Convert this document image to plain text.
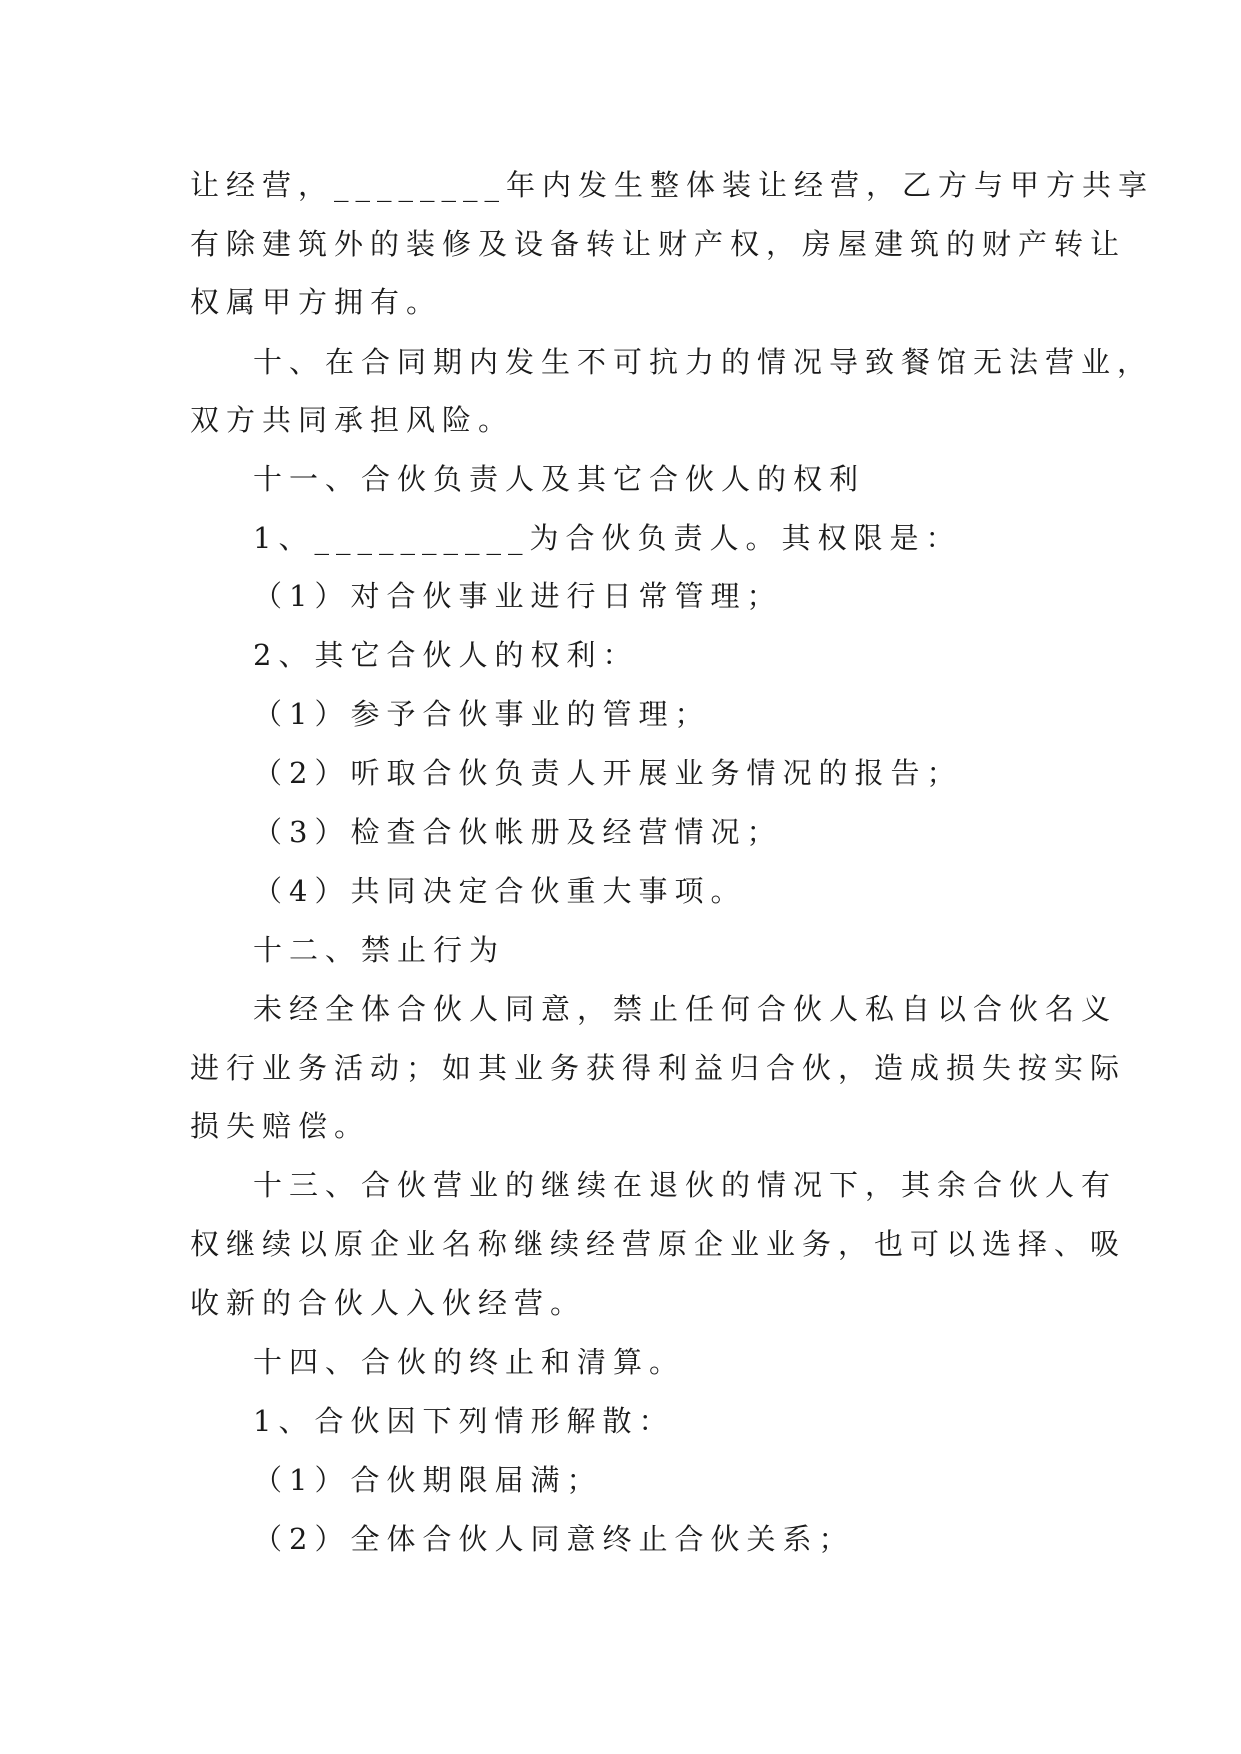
让经营，________年内发生整体装让经营，乙方与甲方共享
有除建筑外的装修及设备转让财产权，房屋建筑的财产转让
权属甲方拥有。
十、在合同期内发生不可抗力的情况导致餐馆无法营业，
双方共同承担风险。
十一、合伙负责人及其它合伙人的权利
1、__________为合伙负责人。其权限是：
（1）对合伙事业进行日常管理；
2、其它合伙人的权利：
（1）参予合伙事业的管理；
（2）听取合伙负责人开展业务情况的报告；
（3）检查合伙帐册及经营情况；
（4）共同决定合伙重大事项。
十二、禁止行为
未经全体合伙人同意，禁止任何合伙人私自以合伙名义
进行业务活动；如其业务获得利益归合伙，造成损失按实际
损失赔偿。
十三、合伙营业的继续在退伙的情况下，其余合伙人有
权继续以原企业名称继续经营原企业业务，也可以选择、吸
收新的合伙人入伙经营。
十四、合伙的终止和清算。
1、合伙因下列情形解散：
（1）合伙期限届满；
（2）全体合伙人同意终止合伙关系；
